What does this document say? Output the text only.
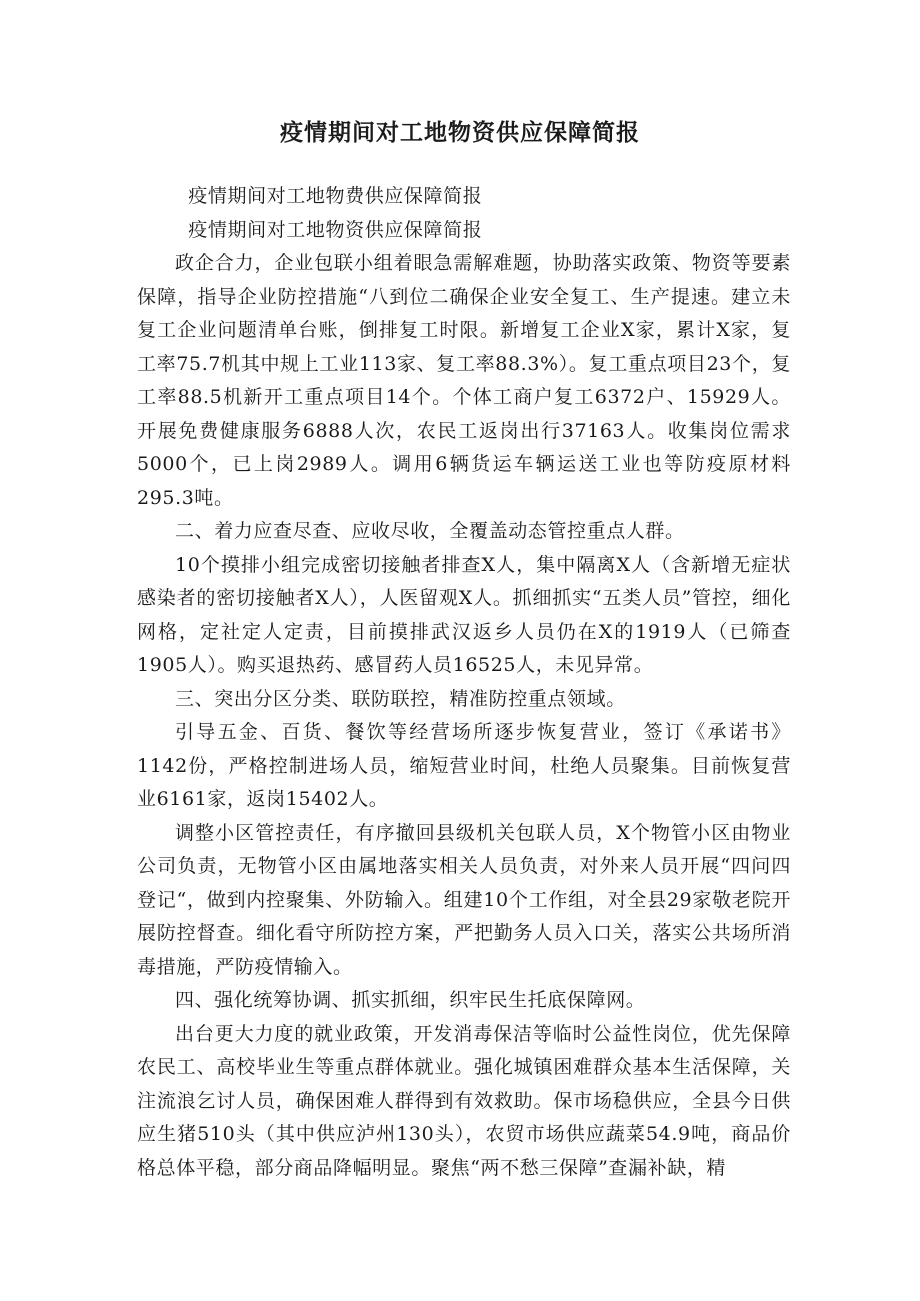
疫情期间对工地物资供应保障简报

疫情期间对工地物费供应保障简报

疫情期间对工地物资供应保障简报

政企合力，企业包联小组着眼急需解难题，协助落实政策、物资等要素保障，指导企业防控措施“八到位二确保企业安全复工、生产提速。建立未复工企业问题清单台账，倒排复工时限。新增复工企业X家，累计X家，复工率75.7机其中规上工业113家、复工率88.3%）。复工重点项目23个，复工率88.5机新开工重点项目14个。个体工商户复工6372户、15929人。开展免费健康服务6888人次，农民工返岗出行37163人。收集岗位需求5000个，已上岗2989人。调用6辆货运车辆运送工业也等防疫原材料295.3吨。

二、着力应查尽查、应收尽收，全覆盖动态管控重点人群。

10个摸排小组完成密切接触者排查X人，集中隔离X人（含新增无症状感染者的密切接触者X人），人医留观X人。抓细抓实“五类人员”管控，细化网格，定社定人定责，目前摸排武汉返乡人员仍在X的1919人（已筛查1905人）。购买退热药、感冒药人员16525人，未见异常。

三、突出分区分类、联防联控，精准防控重点领域。

引导五金、百货、餐饮等经营场所逐步恢复营业，签订《承诺书》1142份，严格控制进场人员，缩短营业时间，杜绝人员聚集。目前恢复营业6161家，返岗15402人。

调整小区管控责任，有序撤回县级机关包联人员，X个物管小区由物业公司负责，无物管小区由属地落实相关人员负责，对外来人员开展“四问四登记“，做到内控聚集、外防输入。组建10个工作组，对全县29家敬老院开展防控督查。细化看守所防控方案，严把勤务人员入口关，落实公共场所消毒措施，严防疫情输入。

四、强化统筹协调、抓实抓细，织牢民生托底保障网。

出台更大力度的就业政策，开发消毒保洁等临时公益性岗位，优先保障农民工、高校毕业生等重点群体就业。强化城镇困难群众基本生活保障，关注流浪乞讨人员，确保困难人群得到有效救助。保市场稳供应，全县今日供应生猪510头（其中供应泸州130头），农贸市场供应蔬菜54.9吨，商品价格总体平稳，部分商品降幅明显。聚焦“两不愁三保障”查漏补缺，精
